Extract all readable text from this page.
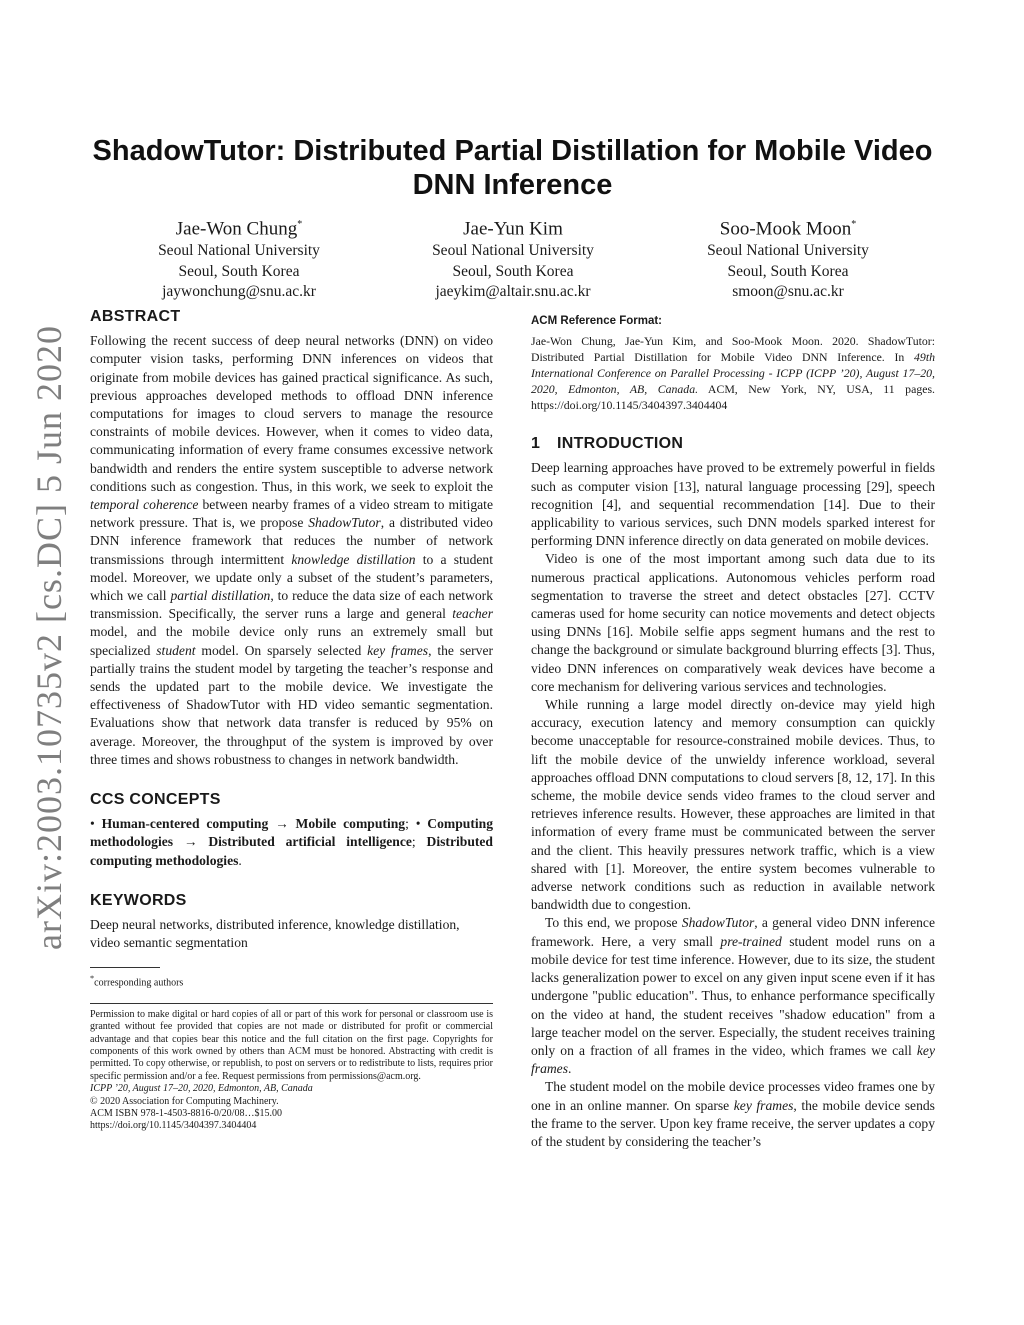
arXiv:2003.10735v2 [cs.DC] 5 Jun 2020
ShadowTutor: Distributed Partial Distillation for Mobile Video DNN Inference
Jae-Won Chung*
Seoul National University
Seoul, South Korea
jaywonchung@snu.ac.kr
Jae-Yun Kim
Seoul National University
Seoul, South Korea
jaeykim@altair.snu.ac.kr
Soo-Mook Moon*
Seoul National University
Seoul, South Korea
smoon@snu.ac.kr
ABSTRACT

Following the recent success of deep neural networks (DNN) on video computer vision tasks, performing DNN inferences on videos that originate from mobile devices has gained practical significance. As such, previous approaches developed methods to offload DNN inference computations for images to cloud servers to manage the resource constraints of mobile devices. However, when it comes to video data, communicating information of every frame consumes excessive network bandwidth and renders the entire system susceptible to adverse network conditions such as congestion. Thus, in this work, we seek to exploit the temporal coherence between nearby frames of a video stream to mitigate network pressure. That is, we propose ShadowTutor, a distributed video DNN inference framework that reduces the number of network transmissions through intermittent knowledge distillation to a student model. Moreover, we update only a subset of the student’s parameters, which we call partial distillation, to reduce the data size of each network transmission. Specifically, the server runs a large and general teacher model, and the mobile device only runs an extremely small but specialized student model. On sparsely selected key frames, the server partially trains the student model by targeting the teacher’s response and sends the updated part to the mobile device. We investigate the effectiveness of ShadowTutor with HD video semantic segmentation. Evaluations show that network data transfer is reduced by 95% on average. Moreover, the throughput of the system is improved by over three times and shows robustness to changes in network bandwidth.

CCS CONCEPTS

• Human-centered computing → Mobile computing; • Computing methodologies → Distributed artificial intelligence; Distributed computing methodologies.

KEYWORDS

Deep neural networks, distributed inference, knowledge distillation, video semantic segmentation

*corresponding authors
Permission to make digital or hard copies of all or part of this work for personal or classroom use is granted without fee provided that copies are not made or distributed for profit or commercial advantage and that copies bear this notice and the full citation on the first page. Copyrights for components of this work owned by others than ACM must be honored. Abstracting with credit is permitted. To copy otherwise, or republish, to post on servers or to redistribute to lists, requires prior specific permission and/or a fee. Request permissions from permissions@acm.org.
ICPP ’20, August 17–20, 2020, Edmonton, AB, Canada
© 2020 Association for Computing Machinery.
ACM ISBN 978-1-4503-8816-0/20/08…$15.00
https://doi.org/10.1145/3404397.3404404
ACM Reference Format:

Jae-Won Chung, Jae-Yun Kim, and Soo-Mook Moon. 2020. ShadowTutor: Distributed Partial Distillation for Mobile Video DNN Inference. In 49th International Conference on Parallel Processing - ICPP (ICPP ’20), August 17–20, 2020, Edmonton, AB, Canada. ACM, New York, NY, USA, 11 pages. https://doi.org/10.1145/3404397.3404404

1 INTRODUCTION

Deep learning approaches have proved to be extremely powerful in fields such as computer vision [13], natural language processing [29], speech recognition [4], and sequential recommendation [14]. Due to their applicability to various services, such DNN models sparked interest for performing DNN inference directly on data generated on mobile devices.

Video is one of the most important among such data due to its numerous practical applications. Autonomous vehicles perform road segmentation to traverse the street and detect obstacles [27]. CCTV cameras used for home security can notice movements and detect objects using DNNs [16]. Mobile selfie apps segment humans and the rest to change the background or simulate background blurring effects [3]. Thus, video DNN inferences on comparatively weak devices have become a core mechanism for delivering various services and technologies.

While running a large model directly on-device may yield high accuracy, execution latency and memory consumption can quickly become unacceptable for resource-constrained mobile devices. Thus, to lift the mobile device of the unwieldy inference workload, several approaches offload DNN computations to cloud servers [8, 12, 17]. In this scheme, the mobile device sends video frames to the cloud server and retrieves inference results. However, these approaches are limited in that information of every frame must be communicated between the server and the client. This heavily pressures network traffic, which is a view shared with [1]. Moreover, the entire system becomes vulnerable to adverse network conditions such as reduction in available network bandwidth due to congestion.

To this end, we propose ShadowTutor, a general video DNN inference framework. Here, a very small pre-trained student model runs on a mobile device for test time inference. However, due to its size, the student lacks generalization power to excel on any given input scene even if it has undergone "public education". Thus, to enhance performance specifically on the video at hand, the student receives "shadow education" from a large teacher model on the server. Especially, the student receives training only on a fraction of all frames in the video, which frames we call key frames.

The student model on the mobile device processes video frames one by one in an online manner. On sparse key frames, the mobile device sends the frame to the server. Upon key frame receive, the server updates a copy of the student by considering the teacher’s
